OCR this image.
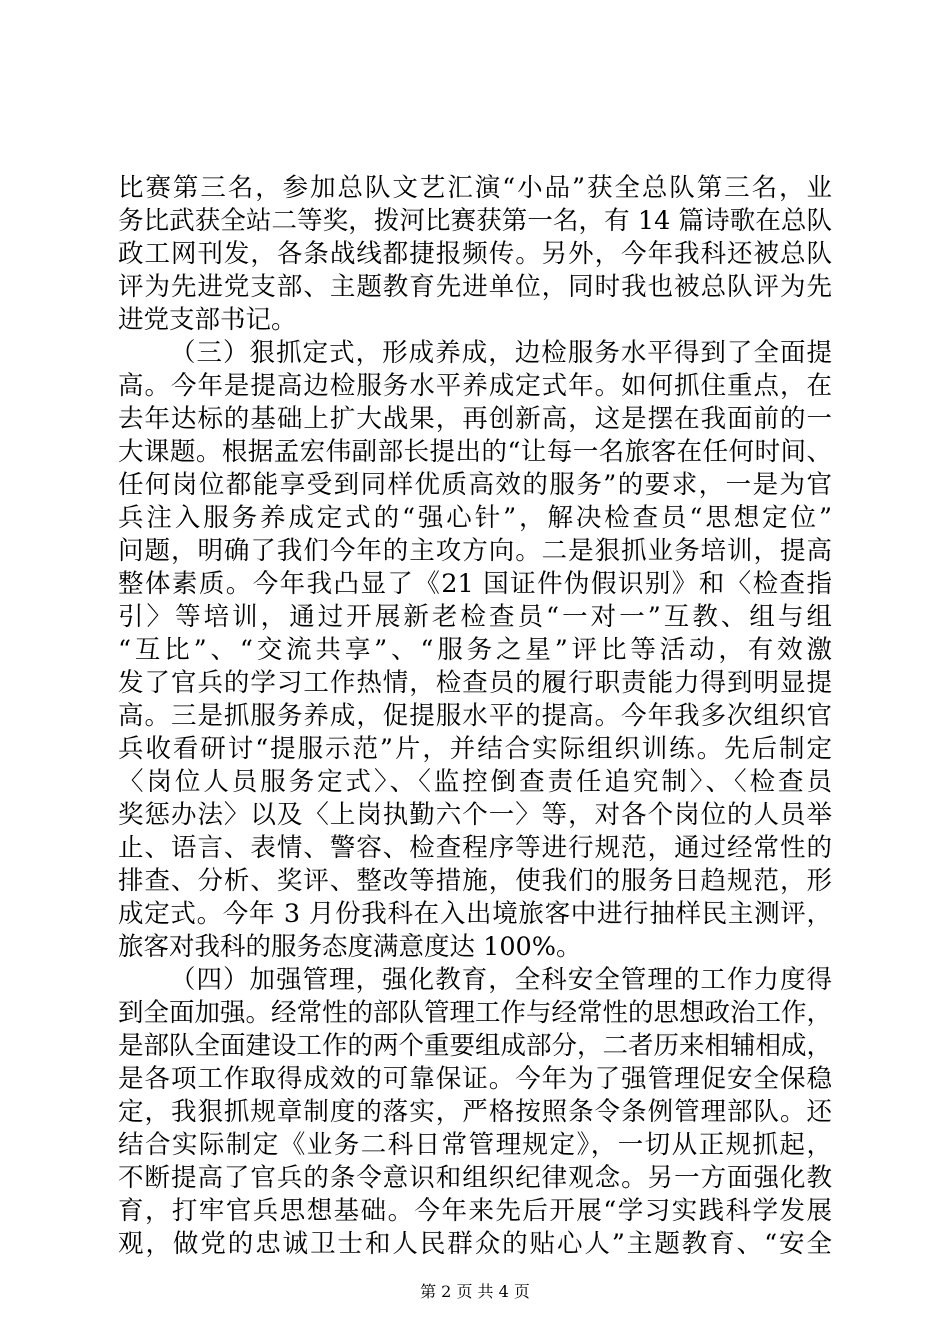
比赛第三名，参加总队文艺汇演“小品”获全总队第三名，业
务比武获全站二等奖，拨河比赛获第一名，有 14 篇诗歌在总队
政工网刊发，各条战线都捷报频传。另外，今年我科还被总队
评为先进党支部、主题教育先进单位，同时我也被总队评为先
进党支部书记。
（三）狠抓定式，形成养成，边检服务水平得到了全面提
高。今年是提高边检服务水平养成定式年。如何抓住重点，在
去年达标的基础上扩大战果，再创新高，这是摆在我面前的一
大课题。根据孟宏伟副部长提出的“让每一名旅客在任何时间、
任何岗位都能享受到同样优质高效的服务”的要求，一是为官
兵注入服务养成定式的“强心针”，解决检查员“思想定位”
问题，明确了我们今年的主攻方向。二是狠抓业务培训，提高
整体素质。今年我凸显了《21 国证件伪假识别》和〈检查指
引〉等培训，通过开展新老检查员“一对一”互教、组与组
“互比”、“交流共享”、“服务之星”评比等活动，有效激
发了官兵的学习工作热情，检查员的履行职责能力得到明显提
高。三是抓服务养成，促提服水平的提高。今年我多次组织官
兵收看研讨“提服示范”片，并结合实际组织训练。先后制定
〈岗位人员服务定式〉、〈监控倒查责任追究制〉、〈检查员
奖惩办法〉以及〈上岗执勤六个一〉等，对各个岗位的人员举
止、语言、表情、警容、检查程序等进行规范，通过经常性的
排查、分析、奖评、整改等措施，使我们的服务日趋规范，形
成定式。今年 3 月份我科在入出境旅客中进行抽样民主测评，
旅客对我科的服务态度满意度达 100%。
（四）加强管理，强化教育，全科安全管理的工作力度得
到全面加强。经常性的部队管理工作与经常性的思想政治工作，
是部队全面建设工作的两个重要组成部分，二者历来相辅相成，
是各项工作取得成效的可靠保证。今年为了强管理促安全保稳
定，我狠抓规章制度的落实，严格按照条令条例管理部队。还
结合实际制定《业务二科日常管理规定》，一切从正规抓起，
不断提高了官兵的条令意识和组织纪律观念。另一方面强化教
育，打牢官兵思想基础。今年来先后开展“学习实践科学发展
观，做党的忠诚卫士和人民群众的贴心人”主题教育、“安全
第 2 页 共 4 页
